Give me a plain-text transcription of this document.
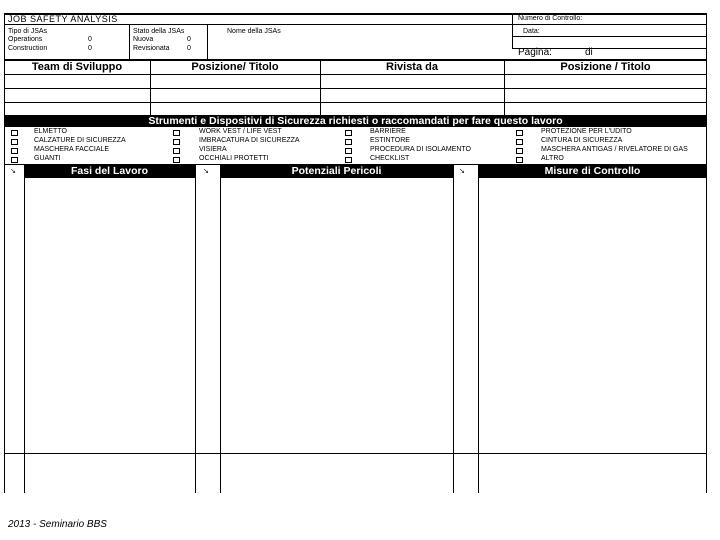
JOB SAFETY ANALYSIS
Tipo di JSAs
Operations	0
Construction	0
Stato della JSAs
Nuova	0
Revisionata 0
Nome della JSAs
Numero di Controllo:
Data:
Pagina:	di
Team di Sviluppo	Posizione/ Titolo	Rivista da	Posizione / Titolo
Strumenti e Dispositivi di Sicurezza richiesti o raccomandati per fare questo lavoro
ELMETTO
CALZATURE DI SICUREZZA
MASCHERA FACCIALE
GUANTI
WORK VEST / LIFE VEST
IMBRACATURA DI SICUREZZA
VISIERA
OCCHIALI PROTETTI
BARRIERE
ESTINTORE
PROCEDURA DI ISOLAMENTO
CHECKLIST
PROTEZIONE PER L'UDITO
CINTURA DI SICUREZZA
MASCHERA ANTIGAS / RIVELATORE DI GAS
ALTRO
↘	Fasi del Lavoro	↘	Potenziali Pericoli	↘	Misure di Controllo
2013 - Seminario BBS
